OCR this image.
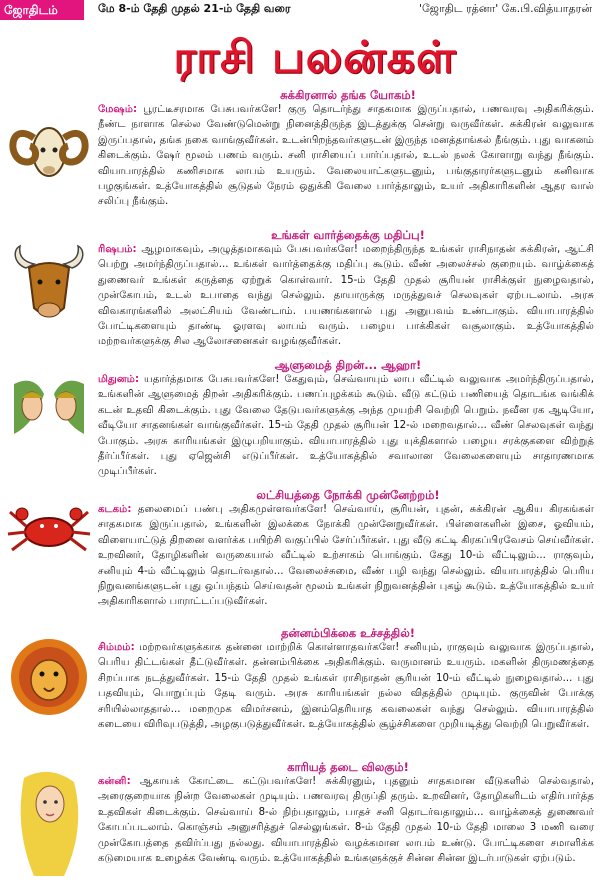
ஜோதிடம்	மே 8-ம் தேதி முதல் 21-ம் தேதி வரை	'ஜோதிட ரத்னா' கே.பி.வித்யாதரன்
ராசி பலன்கள்
சுக்கிரனால் தங்க யோகம்!
மேஷம்: பூரட்டீசரமாக பேசுபவர்களே! குரு தொடர்ந்து சாதகமாக இருப்பதால், பணவரவு அதிகரிக்கும். நீண்ட நாளாக செல்ல வேண்டுமென்று நினைத்திருந்த இடத்துக்கு சென்று வருவீர்கள். சுக்கிரன் வலுவாக இருப்பதால், தங்க நகை வாங்குவீர்கள். உடன்பிறந்தவர்களுடன் இருந்த மனத்தாங்கல் நீங்கும். புது வாகனம் கிடைக்கும். ஷேர் மூலம் பணம் வரும். சனி ராசியைப் பார்ப்பதால், உடல் நலக் கோளாறு வந்து நீங்கும். வியாபாரத்தில் கணிசமாக லாபம் உயரும். வேலையாட்களுடனும், பங்குதாரர்களுடனும் கனிவாக பழகுங்கள். உத்யோகத்தில் சூடுதல் நேரம் ஒதுக்கி வேலை பார்த்தாலும், உயர் அதிகாரிகளின் ஆதர வால் சலிப்பு நீங்கும்.
உங்கள் வார்த்தைக்கு மதிப்பு!
ரிஷபம்: ஆழமாகவும், அழுத்தமாகவும் பேசுபவர்களே! மறைந்திருந்த உங்கள் ராசிநாதன் சுக்கிரன், ஆட்சி பெற்று அமர்ந்திருப்பதால்... உங்கள் வார்த்தைக்கு மதிப்பு கூடும். வீண் அலைச்சல் குறையும். வாழ்க்கைத் துணைவர் உங்கள் கருத்தை ஏற்றுக் கொள்வார். 15-ம் தேதி முதல் சூரியன் ராசிக்குள் நுழைவதால், முன்கோபம், உடல் உபாதை வந்து செல்லும். தாயாருக்கு மருத்துவச் செலவுகள் ஏற்படலாம். அரசு விவகாரங்களில் அலட்சியம் வேண்டாம். பயணங்களால் புது அனுபவம் உண்டாகும். வியாபாரத்தில் போட்டிகளையும் தாண்டி ஓரளவு லாபம் வரும். பழைய பாக்கிகள் வசூலாகும். உத்யோகத்தில் மற்றவர்களுக்கு சில ஆலோசனைகள் வழங்குவீர்கள்.
ஆளுமைத் திறன்... ஆஹா!
மிதுனம்: யதார்த்தமாக பேசுபவர்களே! கேதுவும், செவ்வாயும் லாப வீட்டில் வலுவாக அமர்ந்திருப்பதால், உங்களின் ஆளுமைத் திறன் அதிகரிக்கும். பணப்புழக்கம் கூடும். வீடு கட்டும் பணியைத் தொடங்க வங்கிக் கடன் உதவி கிடைக்கும். புது வேலை தேடுபவர்களுக்கு அந்த முயற்சி வெற்றி பெறும். நவீன ரக ஆடியோ, வீடியோ சாதனங்கள் வாங்குவீர்கள். 15-ம் தேதி முதல் சூரியன் 12-ல் மறைவதால்... வீண் செலவுகள் வந்து போகும். அரசு காரியங்கள் இழுபறியாகும். வியாபாரத்தில் புது யுக்திகளால் பழைய சரக்குகளை விற்றுத் தீர்ப்பீர்கள். புது ஏஜென்சி எடுப்பீர்கள். உத்யோகத்தில் சவாலான வேலைகளையும் சாதாரணமாக முடிப்பீர்கள்.
லட்சியத்தை நோக்கி முன்னேற்றம்!
கடகம்: தலைமைப் பண்பு அதிகமுள்ளவர்களே! செவ்வாய், சூரியன், புதன், சுக்கிரன் ஆகிய கிரகங்கள் சாதகமாக இருப்பதால், உங்களின் இலக்கை நோக்கி முன்னேறுவீர்கள். பிள்ளைகளின் இசை, ஓவியம், விளையாட்டுத் திறனை வளர்க்க பயிற்சி வகுப்பில் சேர்ப்பீர்கள். புது வீடு கட்டி கிரகப்பிரவேசம் செய்வீர்கள். உறவினர், தோழிகளின் வருகையால் வீட்டில் உற்சாகம் பொங்கும். கேது 10-ம் வீட்டிலும்... ராகுவும், சனியும் 4-ம் வீட்டிலும் தொடர்வதால்... வேலைச்சுமை, வீண் பழி வந்து செல்லும். வியாபாரத்தில் பெரிய நிறுவனங்களுடன் புது ஒப்பந்தம் செய்வதன் மூலம் உங்கள் நிறுவனத்தின் புகழ் கூடும். உத்யோகத்தில் உயர் அதிகாரிகளால் பாராட்டப்படுவீர்கள்.
தன்னம்பிக்கை உச்சத்தில்!
சிம்மம்: மற்றவர்களுக்காக தன்னை மாற்றிக் கொள்ளாதவர்களே! சனியும், ராகுவும் வலுவாக இருப்பதால், பெரிய திட்டங்கள் தீட்டுவீர்கள். தன்னம்பிக்கை அதிகரிக்கும். வருமானம் உயரும். மகளின் திருமணத்தை சிறப்பாக நடத்துவீர்கள். 15-ம் தேதி முதல் உங்கள் ராசிநாதன் சூரியன் 10-ம் வீட்டில் நுழைவதால்... புது பதவியும், பொறுப்பும் தேடி வரும். அரசு காரியங்கள் நல்ல விதத்தில் முடியும். குருவின் போக்கு சரியில்லாததால்... மறைமுக விமர்சனம், இனம்தெரியாத கவலைகள் வந்து செல்லும். வியாபாரத்தில் கடையை விரிவுபடுத்தி, அழகுபடுத்துவீர்கள். உத்யோகத்தில் சூழ்ச்சிகளை முறியடித்து வெற்றி பெறுவீர்கள்.
காரியத் தடை விலகும்!
கன்னி: ஆகாயக் கோட்டை கட்டுபவர்களே! சுக்கிரனும், புதனும் சாதகமான வீடுகளில் செல்வதால், அரைகுறையாக நின்ற வேலைகள் முடியும். பணவரவு திருப்தி தரும். உறவினர், தோழிகளிடம் எதிர்பார்த்த உதவிகள் கிடைக்கும். செவ்வாய் 8-ல் நிற்பதாலும், பாதச் சனி தொடர்வதாலும்... வாழ்க்கைத் துணைவர் கோபப்படலாம். கொஞ்சம் அனுசரித்துச் செல்லுங்கள். 8-ம் தேதி முதல் 10-ம் தேதி மாலை 3 மணி வரை முன்கோபத்தை தவிர்ப்பது நல்லது. வியாபாரத்தில் வழக்கமான லாபம் உண்டு. போட்டிகளை சமாளிக்க கடுமையாக உழைக்க வேண்டி வரும். உத்யோகத்தில் உங்களுக்குச் சின்ன சின்ன இடர்பாடுகள் ஏற்படும்.
